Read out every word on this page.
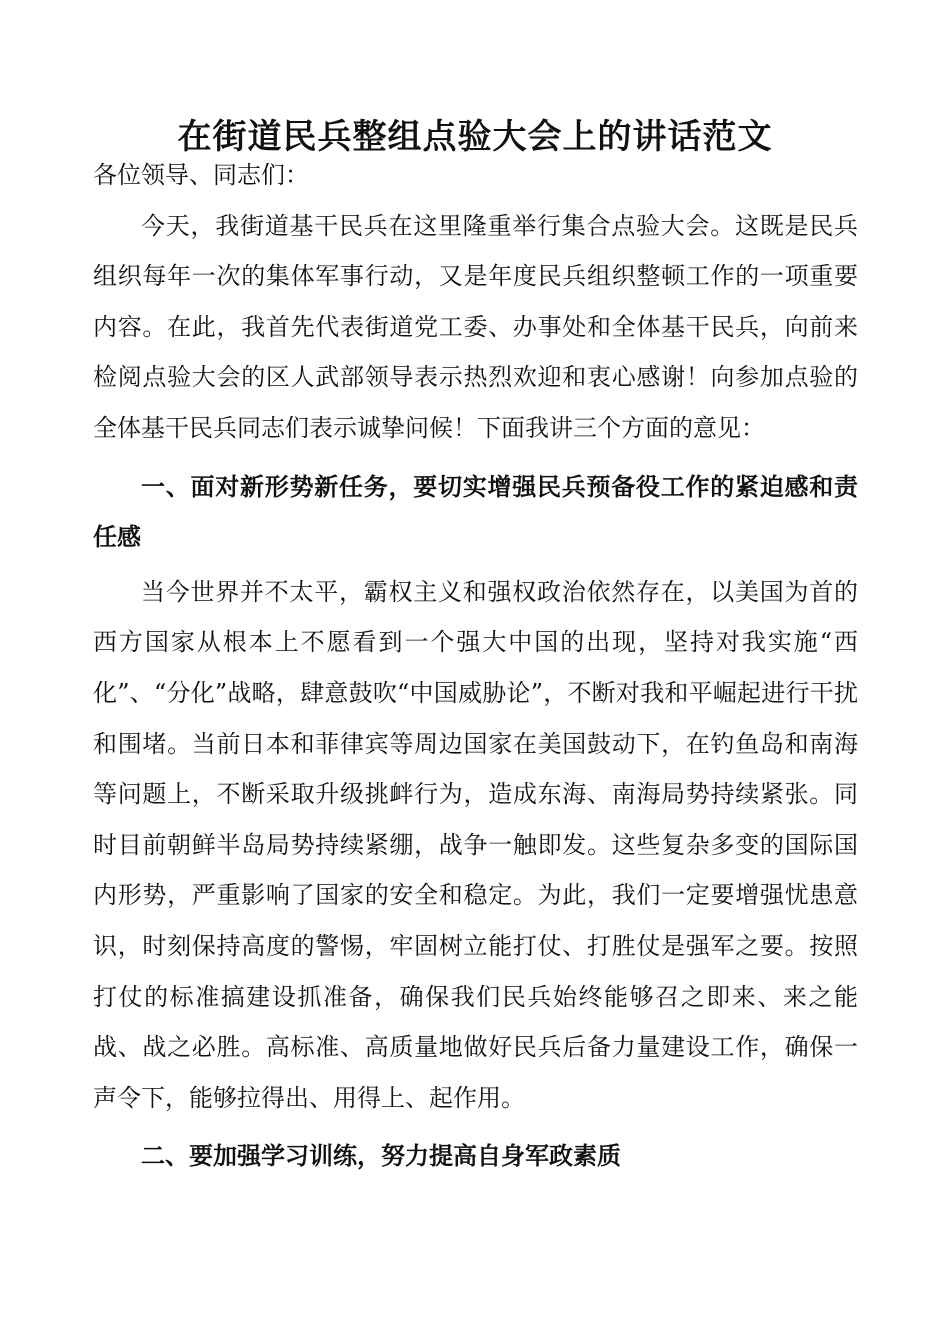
在街道民兵整组点验大会上的讲话范文

各位领导、同志们：

今天，我街道基干民兵在这里隆重举行集合点验大会。这既是民兵组织每年一次的集体军事行动，又是年度民兵组织整顿工作的一项重要内容。在此，我首先代表街道党工委、办事处和全体基干民兵，向前来检阅点验大会的区人武部领导表示热烈欢迎和衷心感谢！向参加点验的全体基干民兵同志们表示诚挚问候！下面我讲三个方面的意见：

一、面对新形势新任务，要切实增强民兵预备役工作的紧迫感和责任感

当今世界并不太平，霸权主义和强权政治依然存在，以美国为首的西方国家从根本上不愿看到一个强大中国的出现，坚持对我实施“西化”、“分化”战略，肆意鼓吹“中国威胁论”，不断对我和平崛起进行干扰和围堵。当前日本和菲律宾等周边国家在美国鼓动下，在钓鱼岛和南海等问题上，不断采取升级挑衅行为，造成东海、南海局势持续紧张。同时目前朝鲜半岛局势持续紧绷，战争一触即发。这些复杂多变的国际国内形势，严重影响了国家的安全和稳定。为此，我们一定要增强忧患意识，时刻保持高度的警惕，牢固树立能打仗、打胜仗是强军之要。按照打仗的标准搞建设抓准备，确保我们民兵始终能够召之即来、来之能战、战之必胜。高标准、高质量地做好民兵后备力量建设工作，确保一声令下，能够拉得出、用得上、起作用。

二、要加强学习训练，努力提高自身军政素质
